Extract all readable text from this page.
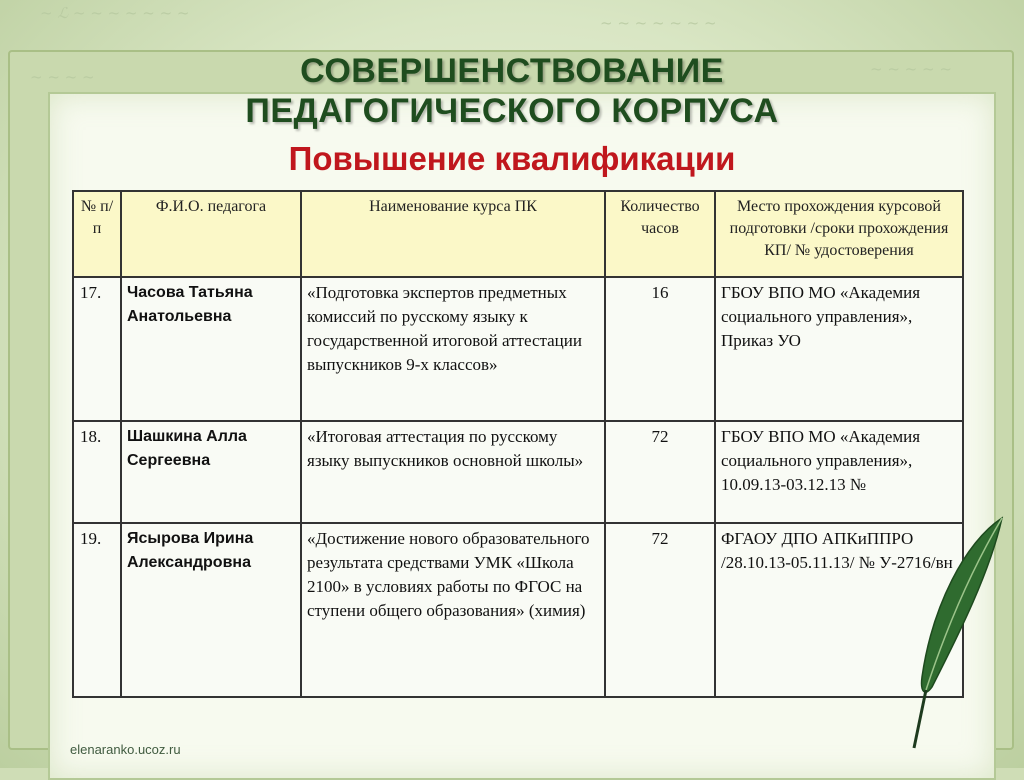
~ ℒ ~ ~ ~ ~ ~ ~ ~
~ ~ ~ ~ ~ ~ ~
~ ~ ~ ~ ~
~ ~ ~ ~	СОВЕРШЕНСТВОВАНИЕ
ПЕДАГОГИЧЕСКОГО КОРПУСА
Повышение квалификации
№ п/п	Ф.И.О. педагога	Наименование курса ПК	Количество часов	Место прохождения курсовой подготовки /сроки прохождения КП/ № удостоверения
17.	Часова Татьяна Анатольевна	«Подготовка экспертов предметных комиссий по русскому языку к государственной итоговой аттестации выпускников 9-х классов»	16	ГБОУ ВПО МО «Академия социального управления», Приказ УО
18.	Шашкина Алла Сергеевна	«Итоговая аттестация по русскому языку выпускников основной школы»	72	ГБОУ ВПО МО «Академия социального управления», 10.09.13-03.12.13 №
19.	Ясырова Ирина Александровна	«Достижение нового образовательного результата средствами УМК «Школа 2100» в условиях работы по ФГОС на ступени общего образования» (химия)	72	ФГАОУ ДПО АПКиППРО /28.10.13-05.11.13/ № У-2716/вн
elenaranko.ucoz.ru
